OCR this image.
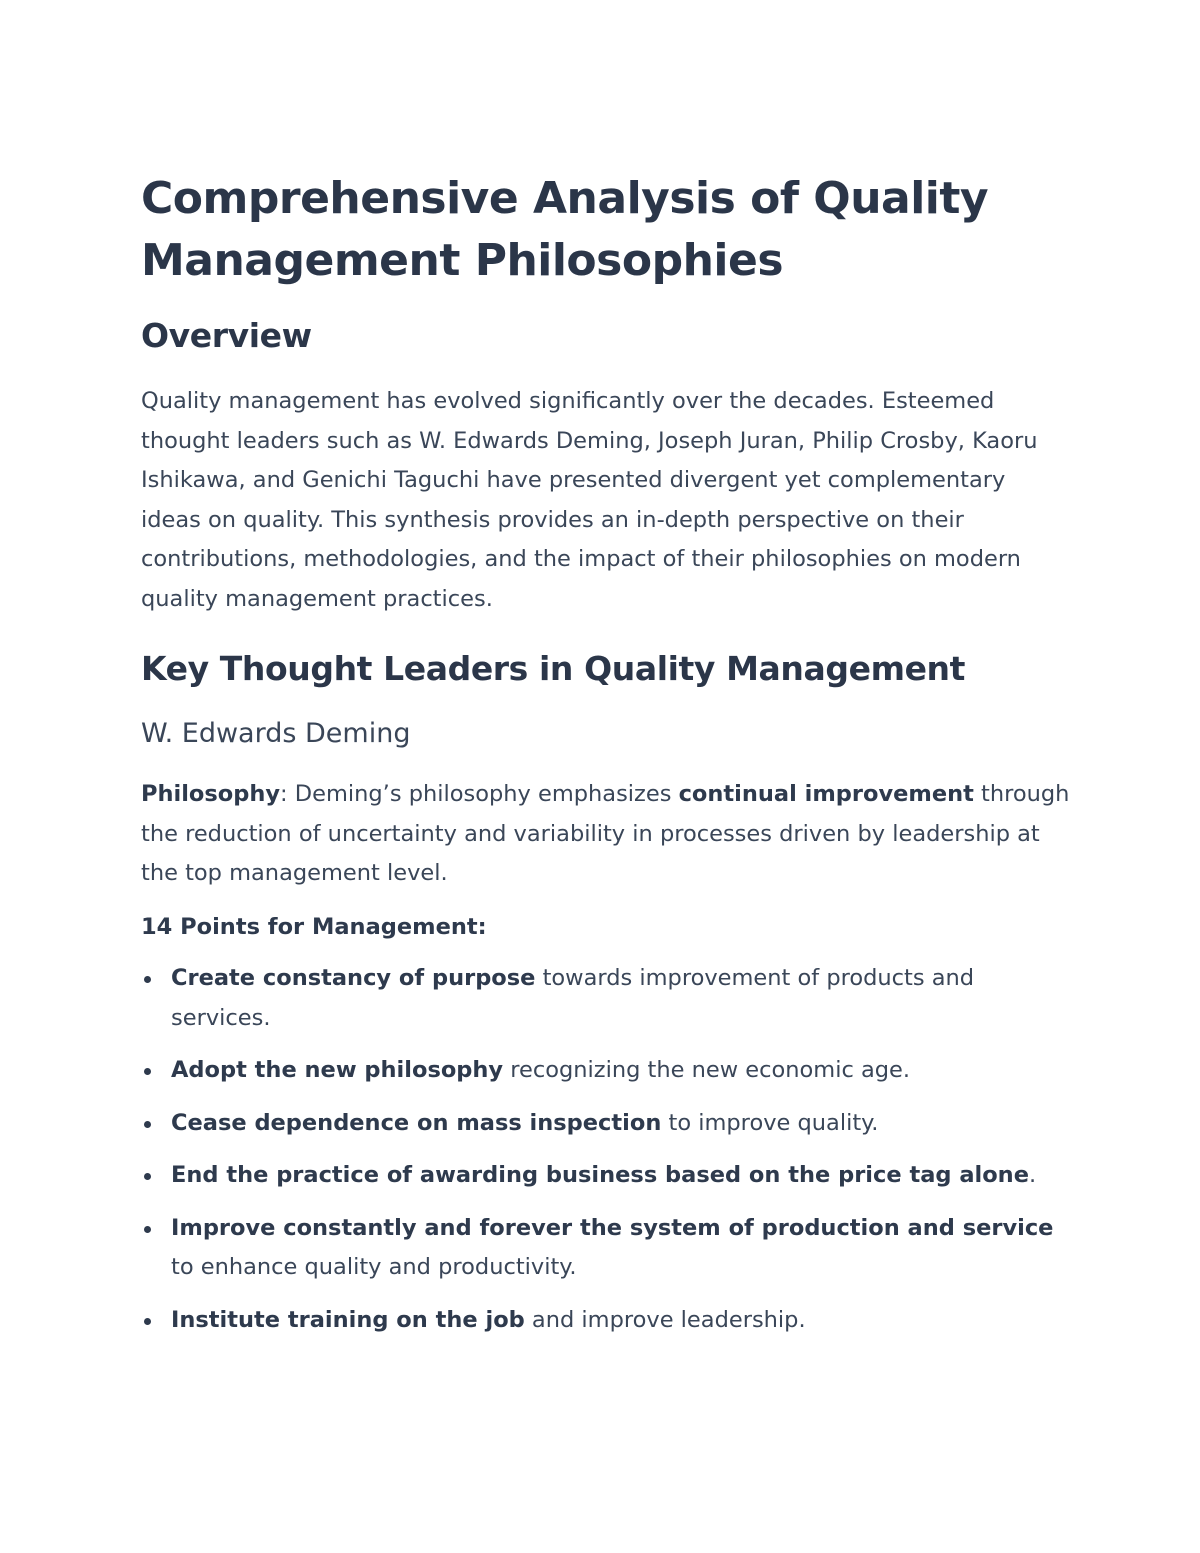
Comprehensive Analysis of Quality Management Philosophies
Overview

Quality management has evolved significantly over the decades. Esteemed thought leaders such as W. Edwards Deming, Joseph Juran, Philip Crosby, Kaoru Ishikawa, and Genichi Taguchi have presented divergent yet complementary ideas on quality. This synthesis provides an in-depth perspective on their contributions, methodologies, and the impact of their philosophies on modern quality management practices.

Key Thought Leaders in Quality Management
W. Edwards Deming

Philosophy: Deming’s philosophy emphasizes continual improvement through the reduction of uncertainty and variability in processes driven by leadership at the top management level.

14 Points for Management:

Create constancy of purpose towards improvement of products and services.
Adopt the new philosophy recognizing the new economic age.
Cease dependence on mass inspection to improve quality.
End the practice of awarding business based on the price tag alone.
Improve constantly and forever the system of production and service to enhance quality and productivity.
Institute training on the job and improve leadership.
